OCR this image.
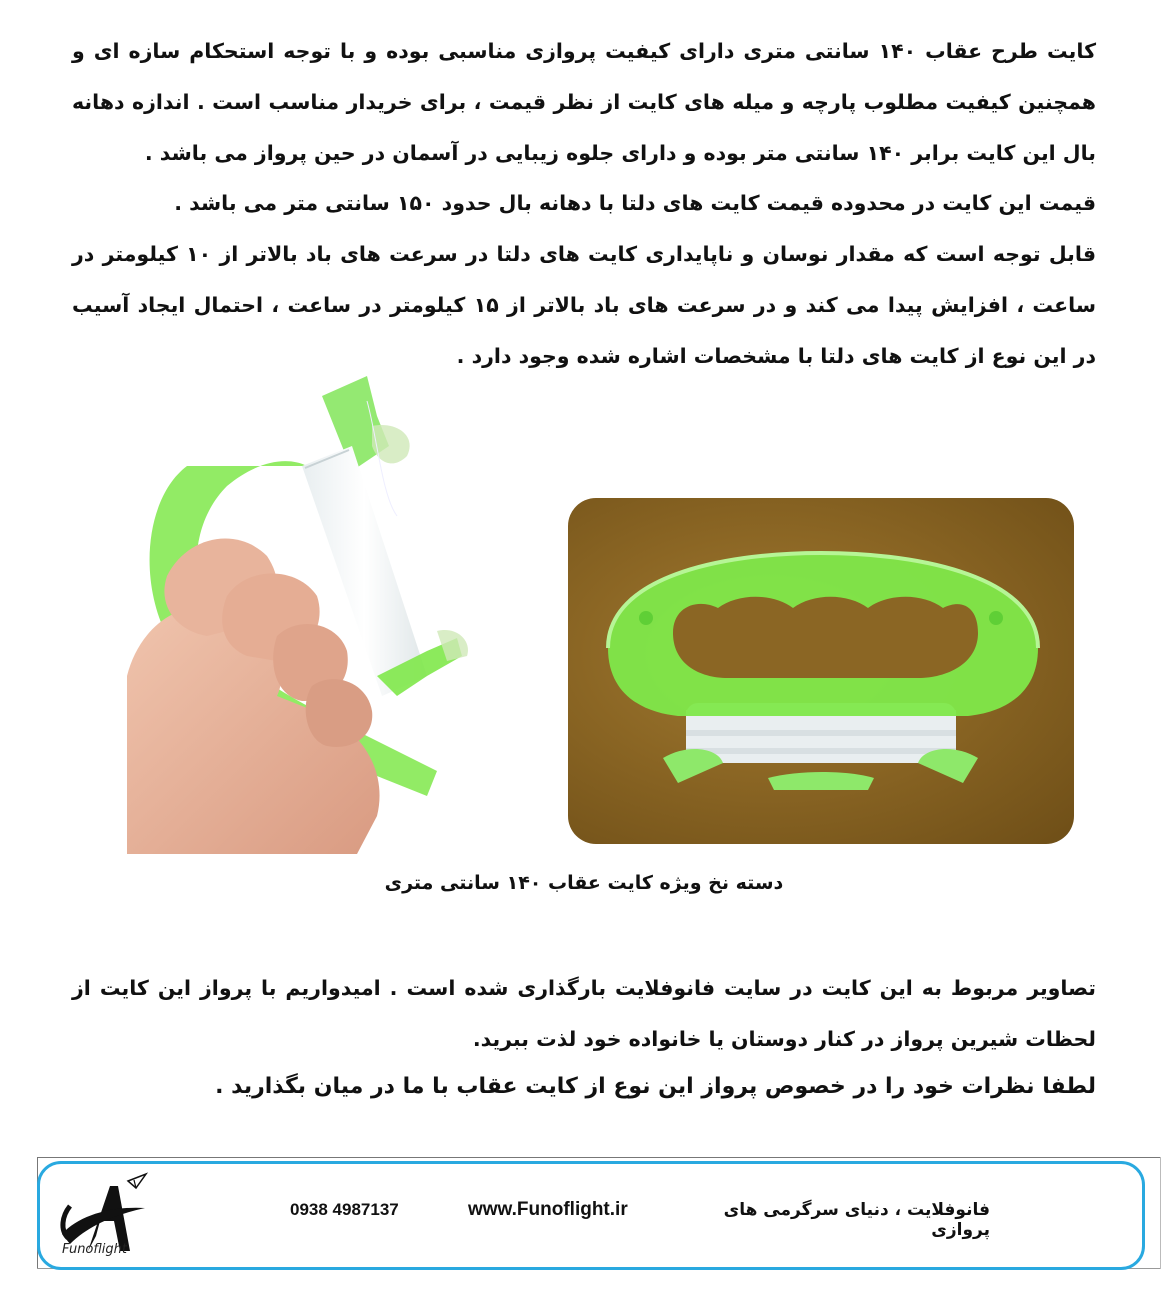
کایت طرح عقاب ۱۴۰ سانتی متری دارای کیفیت پروازی مناسبی بوده و با توجه استحکام سازه ای و
همچنین کیفیت مطلوب پارچه و میله های کایت از نظر قیمت ، برای خریدار مناسب است . اندازه دهانه
بال این کایت برابر ۱۴۰ سانتی متر بوده و دارای جلوه زیبایی در آسمان در حین پرواز می باشد .
قیمت این کایت در محدوده قیمت کایت های دلتا با دهانه بال حدود ۱۵۰ سانتی متر می باشد .
قابل توجه است که مقدار نوسان و ناپایداری کایت های دلتا در سرعت های باد بالاتر از ۱۰ کیلومتر در
ساعت ، افزایش پیدا می کند و در سرعت های باد بالاتر از ۱۵ کیلومتر در ساعت ، احتمال ایجاد آسیب
در این نوع از کایت های دلتا با مشخصات اشاره شده وجود دارد .
دسته نخ ویژه کایت عقاب ۱۴۰ سانتی متری
تصاویر مربوط به این کایت در سایت فانوفلایت بارگذاری شده است . امیدواریم با پرواز این کایت از
لحظات شیرین پرواز در کنار دوستان یا خانواده خود لذت ببرید.
لطفا نظرات خود را در خصوص پرواز این نوع از کایت عقاب با ما در میان بگذارید .
Funoflight
0938 4987137	www.Funoflight.ir	فانوفلایت ، دنیای سرگرمی های پروازی
